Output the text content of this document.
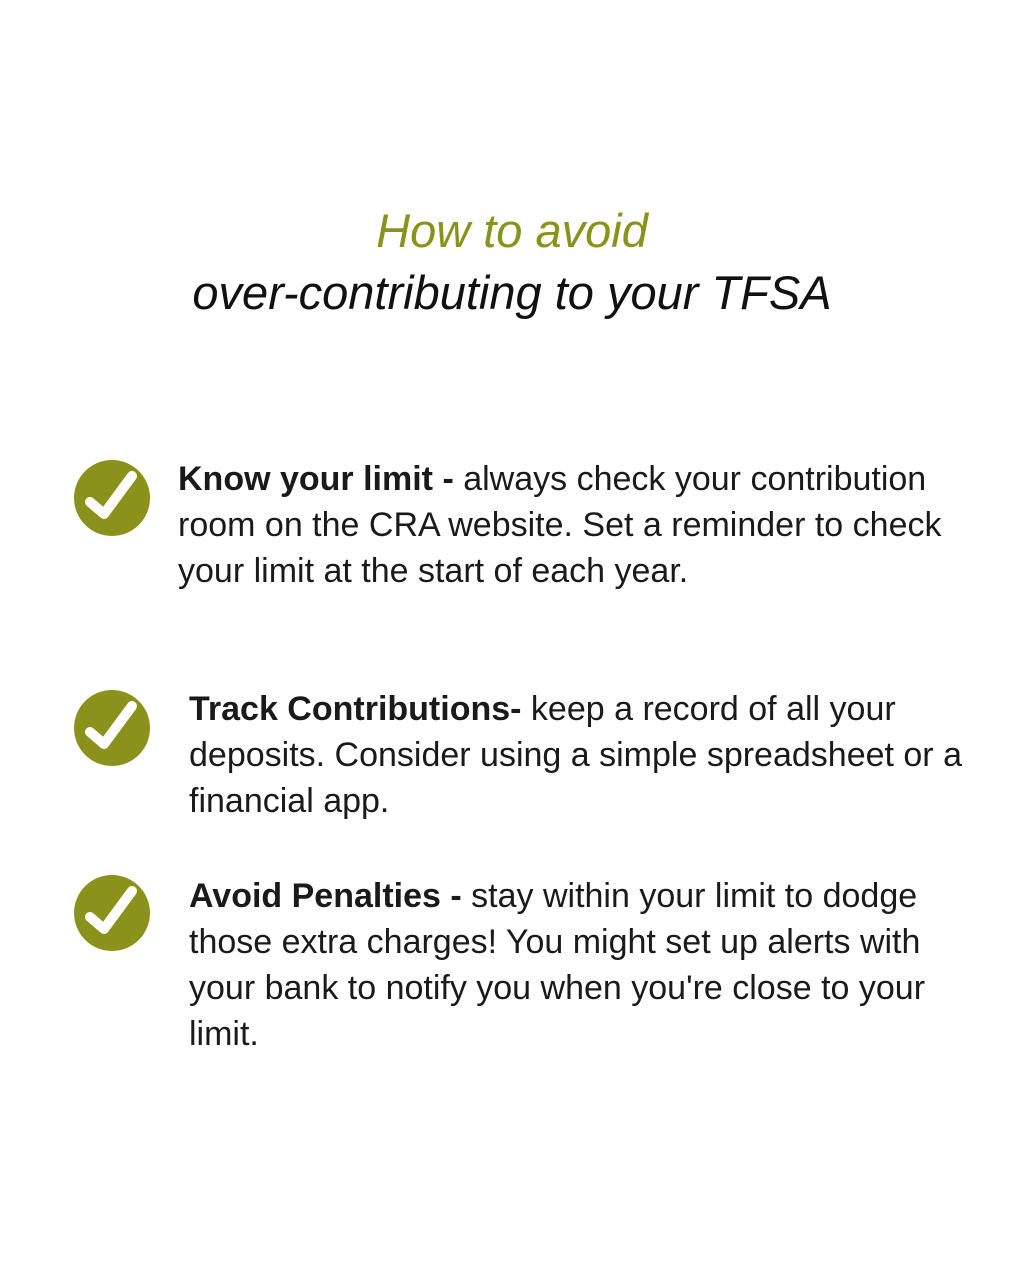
How to avoid
over-contributing to your TFSA
Know your limit - always check your contribution room on the CRA website. Set a reminder to check your limit at the start of each year.
Track Contributions- keep a record of all your deposits. Consider using a simple spreadsheet or a financial app.
Avoid Penalties - stay within your limit to dodge those extra charges! You might set up alerts with your bank to notify you when you're close to your limit.
